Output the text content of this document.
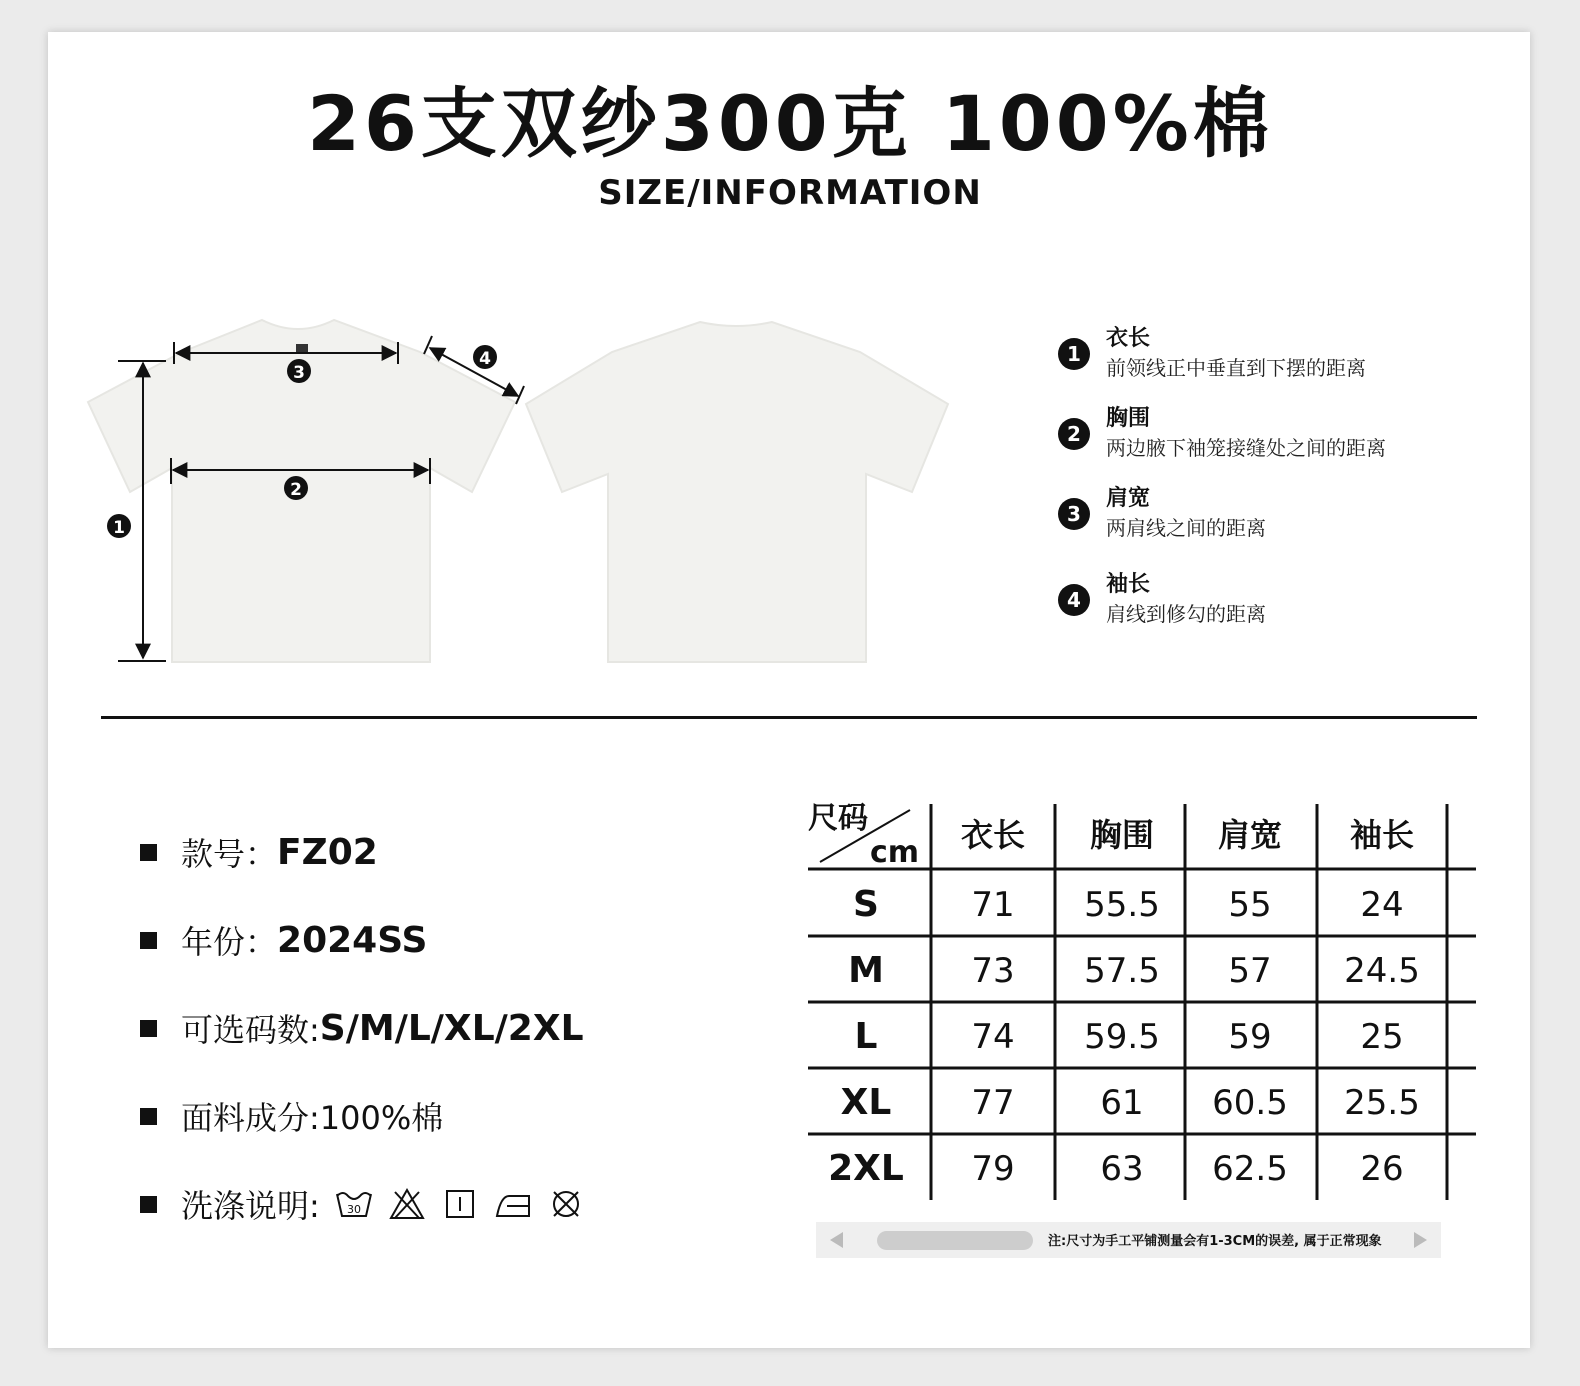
26支双纱300克 100%棉
SIZE/INFORMATION
3
2
1
4	1
衣长
前领线正中垂直到下摆的距离
2
胸围
两边腋下袖笼接缝处之间的距离
3
肩宽
两肩线之间的距离
4
袖长
肩线到修勾的距离
款号： FZ02
年份： 2024SS
可选码数: S/M/L/XL/2XL
面料成分: 100%棉
洗涤说明: 30
尺码
cm 衣长 胸围 肩宽 袖长
S	71 55.5 55	24
M	73 57.5 57 24.5
L	74 59.5 59	25
XL 77	61 60.5 25.5
2XL 79	63 62.5 26
注:尺寸为手工平铺测量会有1-3CM的误差, 属于正常现象
